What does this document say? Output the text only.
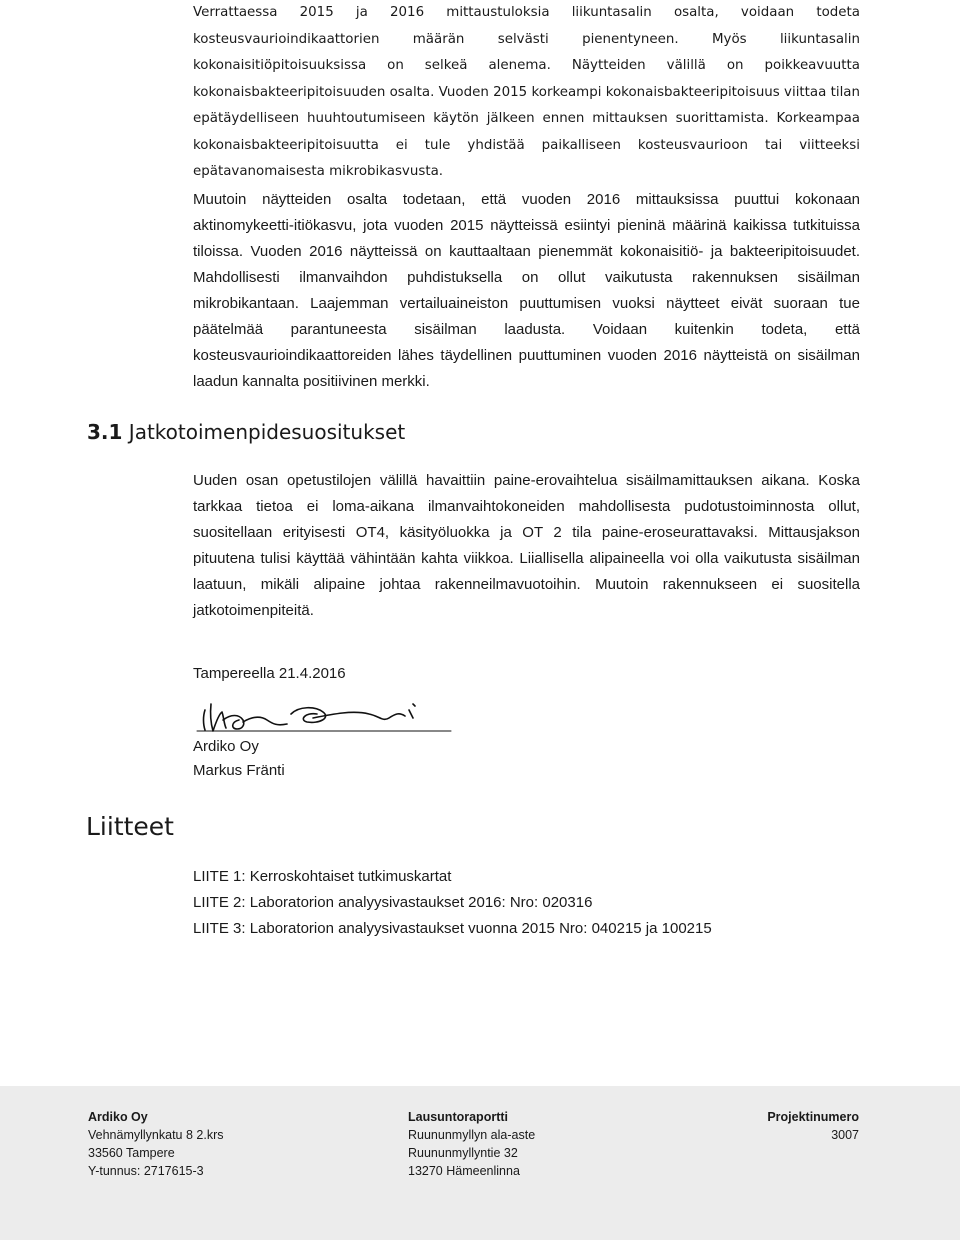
Verrattaessa 2015 ja 2016 mittaustuloksia liikuntasalin osalta, voidaan todeta kosteusvaurioindikaattorien määrän selvästi pienentyneen. Myös liikuntasalin kokonaisitiöpitoisuuksissa on selkeä alenema. Näytteiden välillä on poikkeavuutta kokonaisbakteeripitoisuuden osalta. Vuoden 2015 korkeampi kokonaisbakteeripitoisuus viittaa tilan epätäydelliseen huuhtoutumiseen käytön jälkeen ennen mittauksen suorittamista. Korkeampaa kokonaisbakteeripitoisuutta ei tule yhdistää paikalliseen kosteusvaurioon tai viitteeksi epätavanomaisesta mikrobikasvusta.

Muutoin näytteiden osalta todetaan, että vuoden 2016 mittauksissa puuttui kokonaan aktinomykeetti-itiökasvu, jota vuoden 2015 näytteissä esiintyi pieninä määrinä kaikissa tutkituissa tiloissa. Vuoden 2016 näytteissä on kauttaaltaan pienemmät kokonaisitiö- ja bakteeripitoisuudet. Mahdollisesti ilmanvaihdon puhdistuksella on ollut vaikutusta rakennuksen sisäilman mikrobikantaan. Laajemman vertailuaineiston puuttumisen vuoksi näytteet eivät suoraan tue päätelmää parantuneesta sisäilman laadusta. Voidaan kuitenkin todeta, että kosteusvaurioindikaattoreiden lähes täydellinen puuttuminen vuoden 2016 näytteistä on sisäilman laadun kannalta positiivinen merkki.

3.1 Jatkotoimenpidesuositukset

Uuden osan opetustilojen välillä havaittiin paine-erovaihtelua sisäilmamittauksen aikana. Koska tarkkaa tietoa ei loma-aikana ilmanvaihtokoneiden mahdollisesta pudotustoiminnosta ollut, suositellaan erityisesti OT4, käsityöluokka ja OT 2 tila paine-eroseurattavaksi. Mittausjakson pituutena tulisi käyttää vähintään kahta viikkoa. Liiallisella alipaineella voi olla vaikutusta sisäilman laatuun, mikäli alipaine johtaa rakenneilmavuotoihin. Muutoin rakennukseen ei suositella jatkotoimenpiteitä.

Tampereella 21.4.2016
Ardiko Oy
Markus Fränti
Liitteet
LIITE 1: Kerroskohtaiset tutkimuskartat
LIITE 2: Laboratorion analyysivastaukset 2016: Nro: 020316
LIITE 3: Laboratorion analyysivastaukset vuonna 2015 Nro: 040215 ja 100215
Ardiko Oy
Vehnämyllynkatu 8 2.krs
33560 Tampere
Y-tunnus: 2717615-3
Lausuntoraportti
Ruununmyllyn ala-aste
Ruununmyllyntie 32
13270 Hämeenlinna
Projektinumero
3007
